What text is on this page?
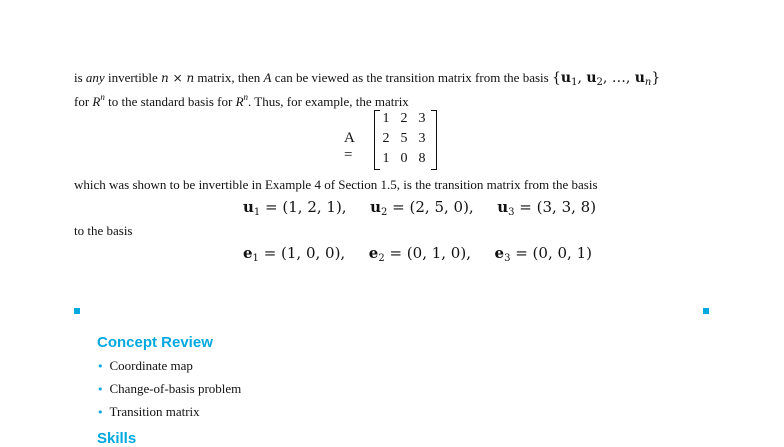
is any invertible n × n matrix, then A can be viewed as the transition matrix from the basis {$u_1$, $u_2$, …, $u_n$}
for $R^n$ to the standard basis for $R^n$. Thus, for example, the matrix
A =
1 2 3
2 5 3
1 0 8
which was shown to be invertible in Example 4 of Section 1.5, is the transition matrix from the basis
$u_1 = (1$, 2, 1), $u_2 = (2$, 5, 0), $u_3 = (3$, 3, 8)
to the basis
$e_1 = (1$, 0, 0), $e_2 = (0$, 1, 0), $e_3 = (0$, 0, 1)
Concept Review
• Coordinate map
• Change-of-basis problem
• Transition matrix
Skills
